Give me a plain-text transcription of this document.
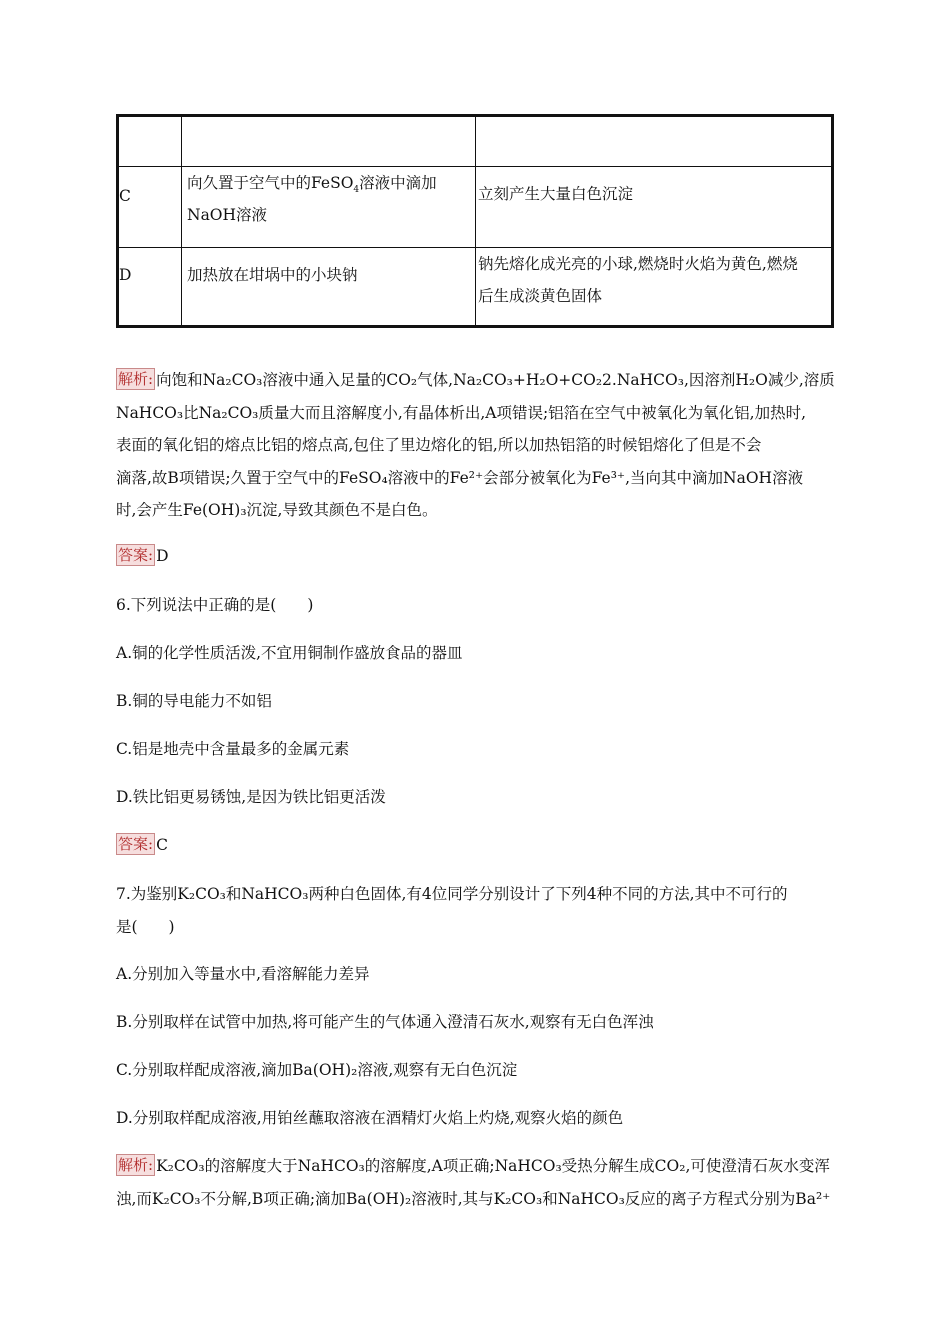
C
向久置于空气中的FeSO$_4$溶液中滴加
NaOH溶液
立刻产生大量白色沉淀
D	加热放在坩埚中的小块钠
钠先熔化成光亮的小球,燃烧时火焰为黄色,燃烧
后生成淡黄色固体
解析: 向饱和Na₂CO₃溶液中通入足量的CO₂气体,Na₂CO₃+H₂O+CO₂2.NaHCO₃,因溶剂H₂O减少,溶质
NaHCO₃比Na₂CO₃质量大而且溶解度小,有晶体析出,A项错误;铝箔在空气中被氧化为氧化铝,加热时,
表面的氧化铝的熔点比铝的熔点高,包住了里边熔化的铝,所以加热铝箔的时候铝熔化了但是不会
滴落,故B项错误;久置于空气中的FeSO₄溶液中的Fe²⁺会部分被氧化为Fe³⁺,当向其中滴加NaOH溶液
时,会产生Fe(OH)₃沉淀,导致其颜色不是白色。
答案: D
6.下列说法中正确的是(　　)
A.铜的化学性质活泼,不宜用铜制作盛放食品的器皿
B.铜的导电能力不如铝
C.铝是地壳中含量最多的金属元素
D.铁比铝更易锈蚀,是因为铁比铝更活泼
答案: C
7.为鉴别K₂CO₃和NaHCO₃两种白色固体,有4位同学分别设计了下列4种不同的方法,其中不可行的
是(　　)
A.分别加入等量水中,看溶解能力差异
B.分别取样在试管中加热,将可能产生的气体通入澄清石灰水,观察有无白色浑浊
C.分别取样配成溶液,滴加Ba(OH)₂溶液,观察有无白色沉淀
D.分别取样配成溶液,用铂丝蘸取溶液在酒精灯火焰上灼烧,观察火焰的颜色
解析: K₂CO₃的溶解度大于NaHCO₃的溶解度,A项正确;NaHCO₃受热分解生成CO₂,可使澄清石灰水变浑
浊,而K₂CO₃不分解,B项正确;滴加Ba(OH)₂溶液时,其与K₂CO₃和NaHCO₃反应的离子方程式分别为Ba²⁺
